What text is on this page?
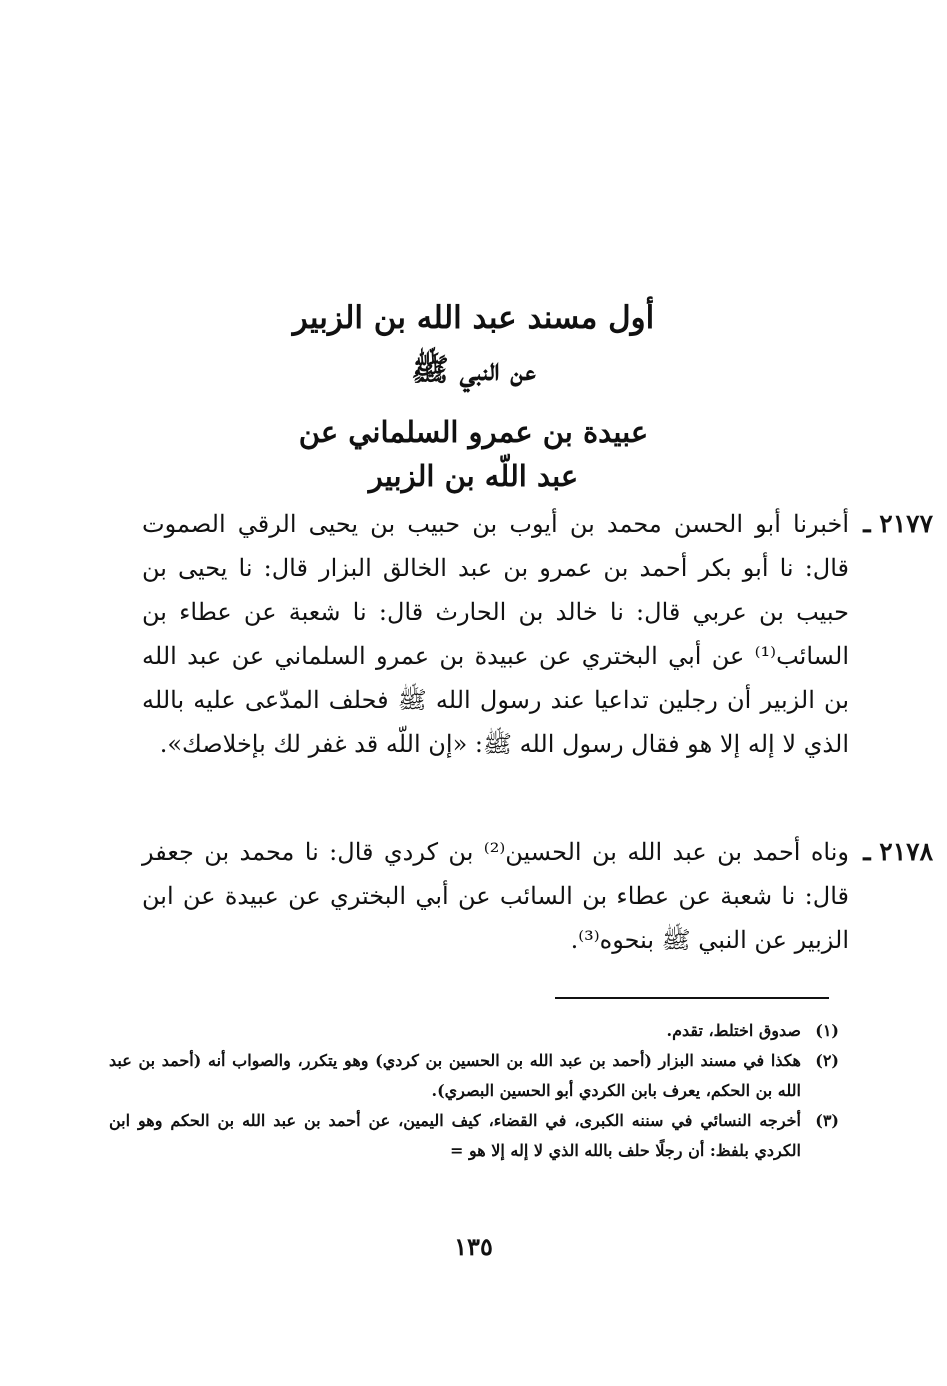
أول مسند عبد الله بن الزبير

عن النبي ﷺ

عبيدة بن عمرو السلماني عن

عبد اللّه بن الزبير

٢١٧٧ ـ
أخبرنا أبو الحسن محمد بن أيوب بن حبيب بن يحيى الرقي الصموت قال: نا أبو بكر أحمد بن عمرو بن عبد الخالق البزار قال: نا يحيى بن حبيب بن عربي قال: نا خالد بن الحارث قال: نا شعبة عن عطاء بن السائب⁽¹⁾ عن أبي البختري عن عبيدة بن عمرو السلماني عن عبد الله بن الزبير أن رجلين تداعيا عند رسول الله ﷺ فحلف المدّعى عليه بالله الذي لا إله إلا هو فقال رسول الله ﷺ: «إن اللّه قد غفر لك بإخلاصك».
٢١٧٨ ـ
وناه أحمد بن عبد الله بن الحسين⁽²⁾ بن كردي قال: نا محمد بن جعفر قال: نا شعبة عن عطاء بن السائب عن أبي البختري عن عبيدة عن ابن الزبير عن النبي ﷺ بنحوه⁽³⁾.

(١)
صدوق اختلط، تقدم.

(٢)
هكذا في مسند البزار (أحمد بن عبد الله بن الحسين بن كردي) وهو يتكرر، والصواب أنه (أحمد بن عبد الله بن الحكم، يعرف بابن الكردي أبو الحسين البصري).

(٣)
أخرجه النسائي في سننه الكبرى، في القضاء، كيف اليمين، عن أحمد بن عبد الله بن الحكم وهو ابن الكردي بلفظ: أن رجلًا حلف بالله الذي لا إله إلا هو =

١٣٥
